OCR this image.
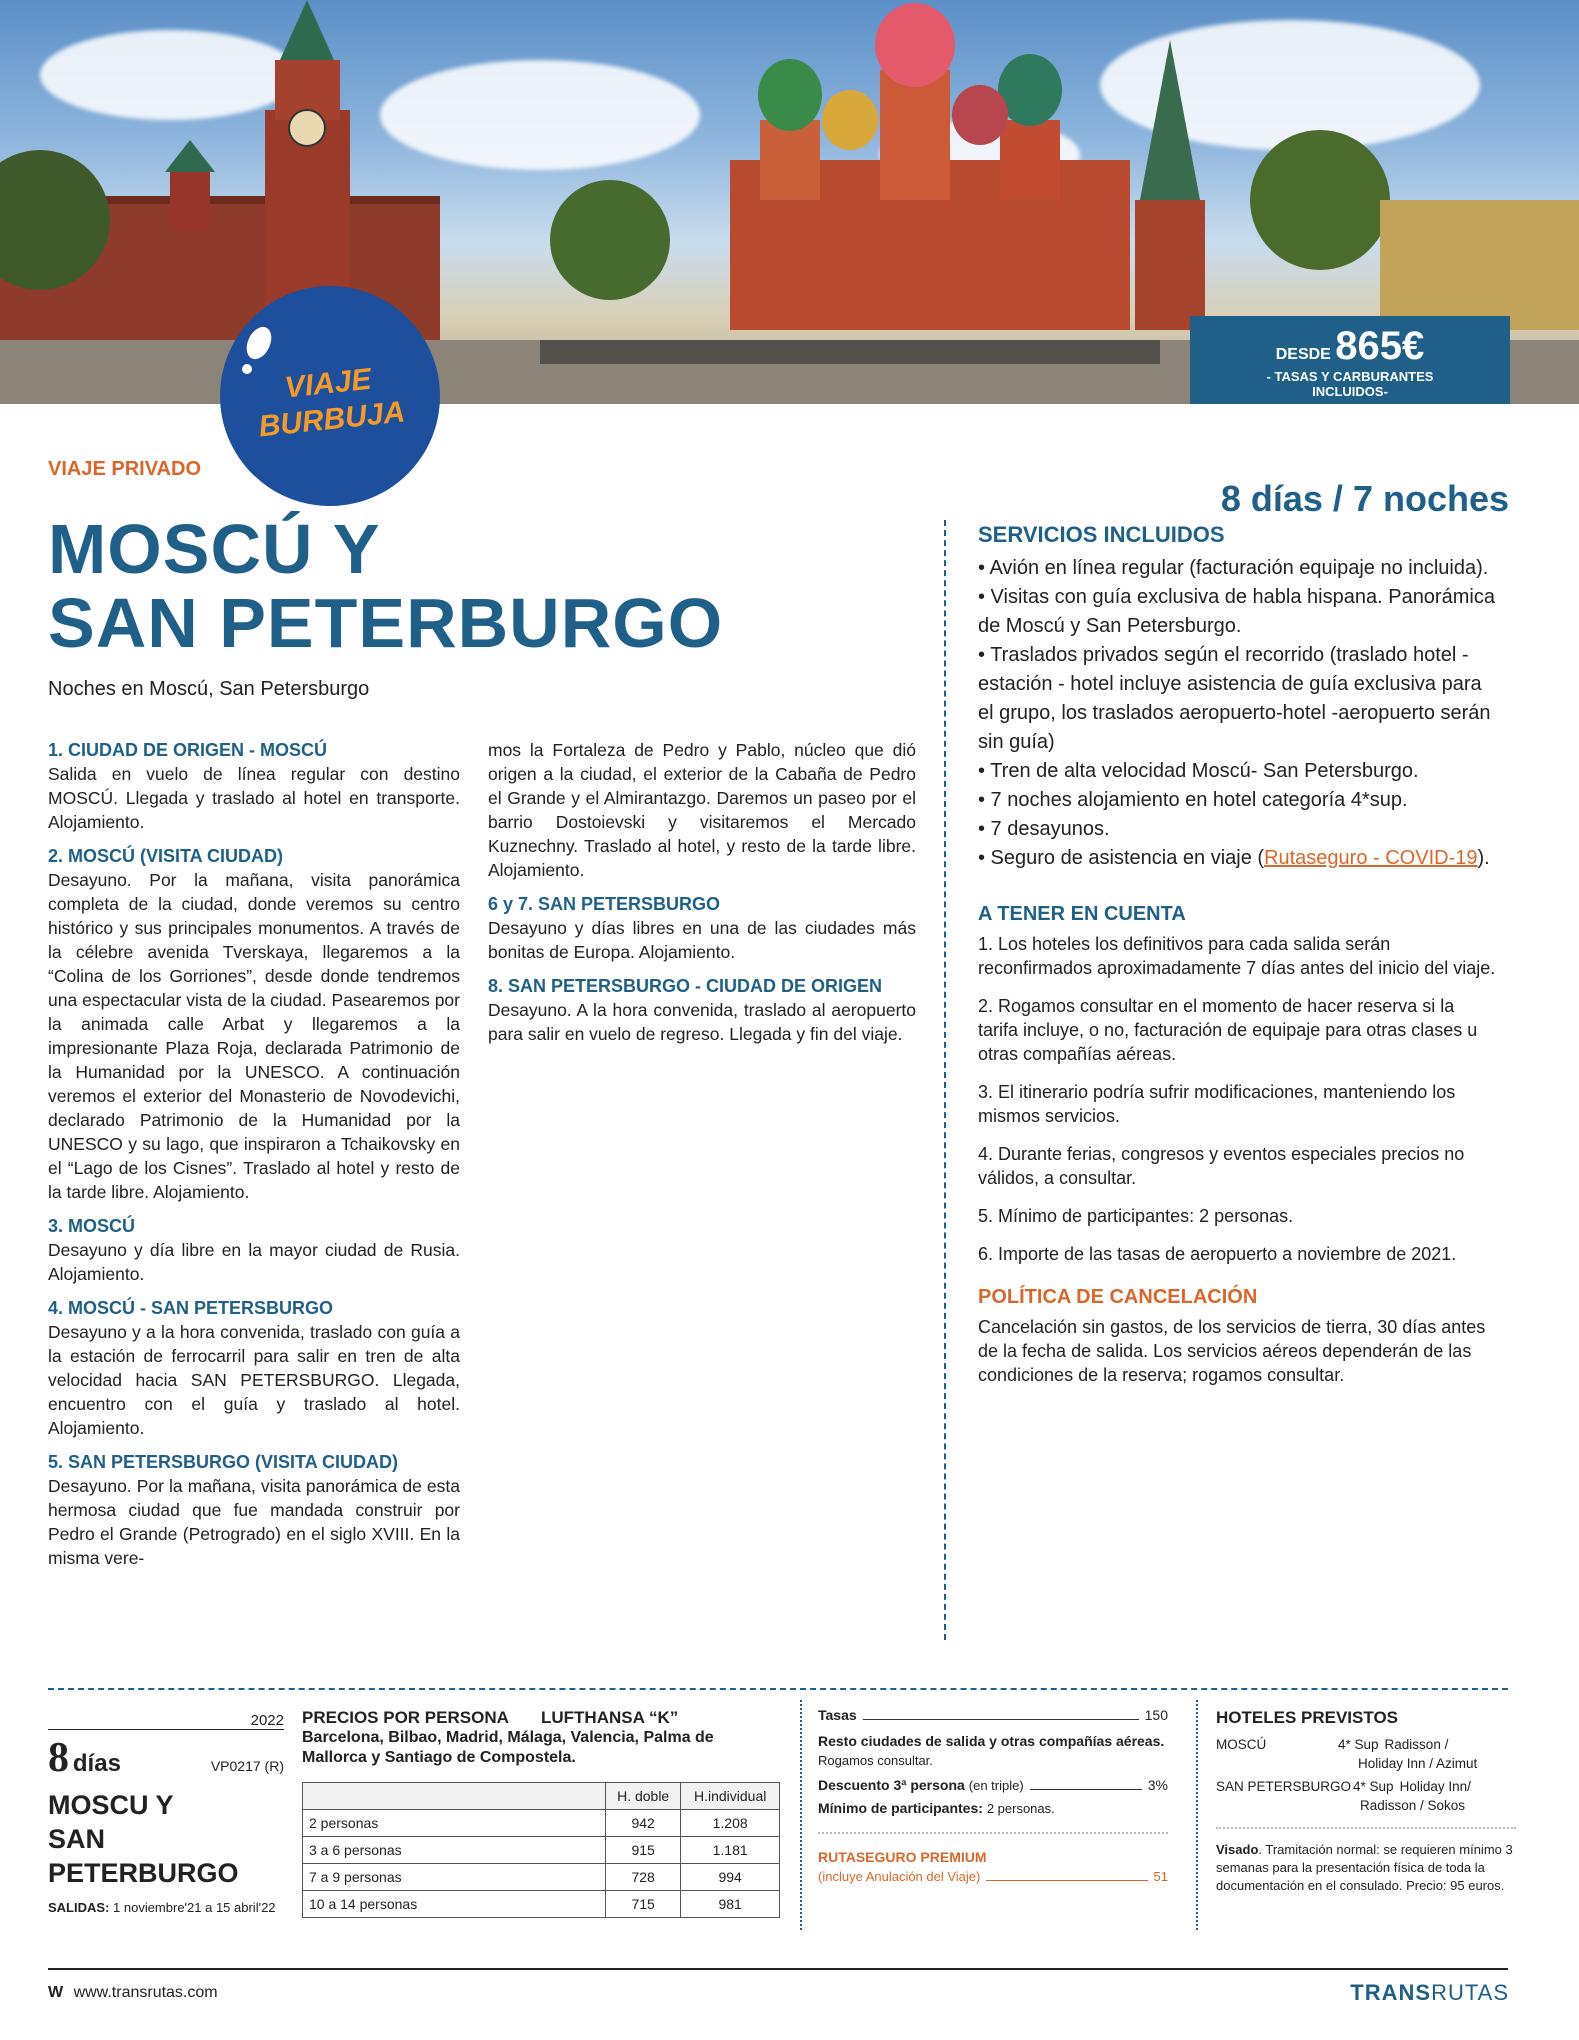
DESDE 865€
- TASAS Y CARBURANTES
INCLUIDOS-
VIAJE
BURBUJA
VIAJE PRIVADO
MOSCÚ Y
SAN PETERBURGO
Noches en Moscú, San Petersburgo
8 días / 7 noches
1. CIUDAD DE ORIGEN - MOSCÚ

Salida en vuelo de línea regular con destino MOSCÚ. Llegada y traslado al hotel en transporte. Alojamiento.

2. MOSCÚ (VISITA CIUDAD)

Desayuno. Por la mañana, visita panorámica completa de la ciudad, donde veremos su centro histórico y sus principales monumentos. A través de la célebre avenida Tverskaya, llegaremos a la “Colina de los Gorriones”, desde donde tendremos una espectacular vista de la ciudad. Pasearemos por la animada calle Arbat y llegaremos a la impresionante Plaza Roja, declarada Patrimonio de la Humanidad por la UNESCO. A continuación veremos el exterior del Monasterio de Novodevichi, declarado Patrimonio de la Humanidad por la UNESCO y su lago, que inspiraron a Tchaikovsky en el “Lago de los Cisnes”. Traslado al hotel y resto de la tarde libre. Alojamiento.

3. MOSCÚ

Desayuno y día libre en la mayor ciudad de Rusia. Alojamiento.

4. MOSCÚ - SAN PETERSBURGO

Desayuno y a la hora convenida, traslado con guía a la estación de ferrocarril para salir en tren de alta velocidad hacia SAN PETERSBURGO. Llegada, encuentro con el guía y traslado al hotel. Alojamiento.

5. SAN PETERSBURGO (VISITA CIUDAD)

Desayuno. Por la mañana, visita panorámica de esta hermosa ciudad que fue mandada construir por Pedro el Grande (Petrogrado) en el siglo XVIII. En la misma vere-

mos la Fortaleza de Pedro y Pablo, núcleo que dió origen a la ciudad, el exterior de la Cabaña de Pedro el Grande y el Almirantazgo. Daremos un paseo por el barrio Dostoievski y visitaremos el Mercado Kuznechny. Traslado al hotel, y resto de la tarde libre. Alojamiento.

6 y 7. SAN PETERSBURGO

Desayuno y días libres en una de las ciudades más bonitas de Europa. Alojamiento.

8. SAN PETERSBURGO - CIUDAD DE ORIGEN

Desayuno. A la hora convenida, traslado al aeropuerto para salir en vuelo de regreso. Llegada y fin del viaje.

SERVICIOS INCLUIDOS
• Avión en línea regular (facturación equipaje no incluida).
• Visitas con guía exclusiva de habla hispana. Panorámica de Moscú y San Petersburgo.
• Traslados privados según el recorrido (traslado hotel - estación - hotel incluye asistencia de guía exclusiva para el grupo, los traslados aeropuerto-hotel -aeropuerto serán sin guía)
• Tren de alta velocidad Moscú- San Petersburgo.
• 7 noches alojamiento en hotel categoría 4*sup.
• 7 desayunos.
• Seguro de asistencia en viaje (Rutaseguro - COVID-19).
A TENER EN CUENTA

1. Los hoteles los definitivos para cada salida serán reconfirmados aproximadamente 7 días antes del inicio del viaje.

2. Rogamos consultar en el momento de hacer reserva si la tarifa incluye, o no, facturación de equipaje para otras clases u otras compañías aéreas.

3. El itinerario podría sufrir modificaciones, manteniendo los mismos servicios.

4. Durante ferias, congresos y eventos especiales precios no válidos, a consultar.

5. Mínimo de participantes: 2 personas.

6. Importe de las tasas de aeropuerto a noviembre de 2021.

POLÍTICA DE CANCELACIÓN

Cancelación sin gastos, de los servicios de tierra, 30 días antes de la fecha de salida. Los servicios aéreos dependerán de las condiciones de la reserva; rogamos consultar.

2022
8 días	VP0217 (R)
MOSCU Y
SAN PETERBURGO
SALIDAS: 1 noviembre'21 a 15 abril'22
PRECIOS POR PERSONA LUFTHANSA “K”
Barcelona, Bilbao, Madrid, Málaga, Valencia, Palma de Mallorca y Santiago de Compostela.
	H. doble	H.individual
2 personas	942	1.208
3 a 6 personas	915	1.181
7 a 9 personas	728	994
10 a 14 personas	715	981
Tasas	150
Resto ciudades de salida y otras compañías aéreas.
Rogamos consultar.
Descuento 3ª persona (en triple)	3%
Mínimo de participantes: 2 personas.
RUTASEGURO PREMIUM
(incluye Anulación del Viaje)	51
HOTELES PREVISTOS
MOSCÚ	4* Sup Radisson /
Holiday Inn / Azimut
SAN PETERSBURGO 4* Sup Holiday Inn/
Radisson / Sokos
Visado. Tramitación normal: se requieren mínimo 3 semanas para la presentación física de toda la documentación en el consulado. Precio: 95 euros.
W www.transrutas.com	TRANSRUTAS
